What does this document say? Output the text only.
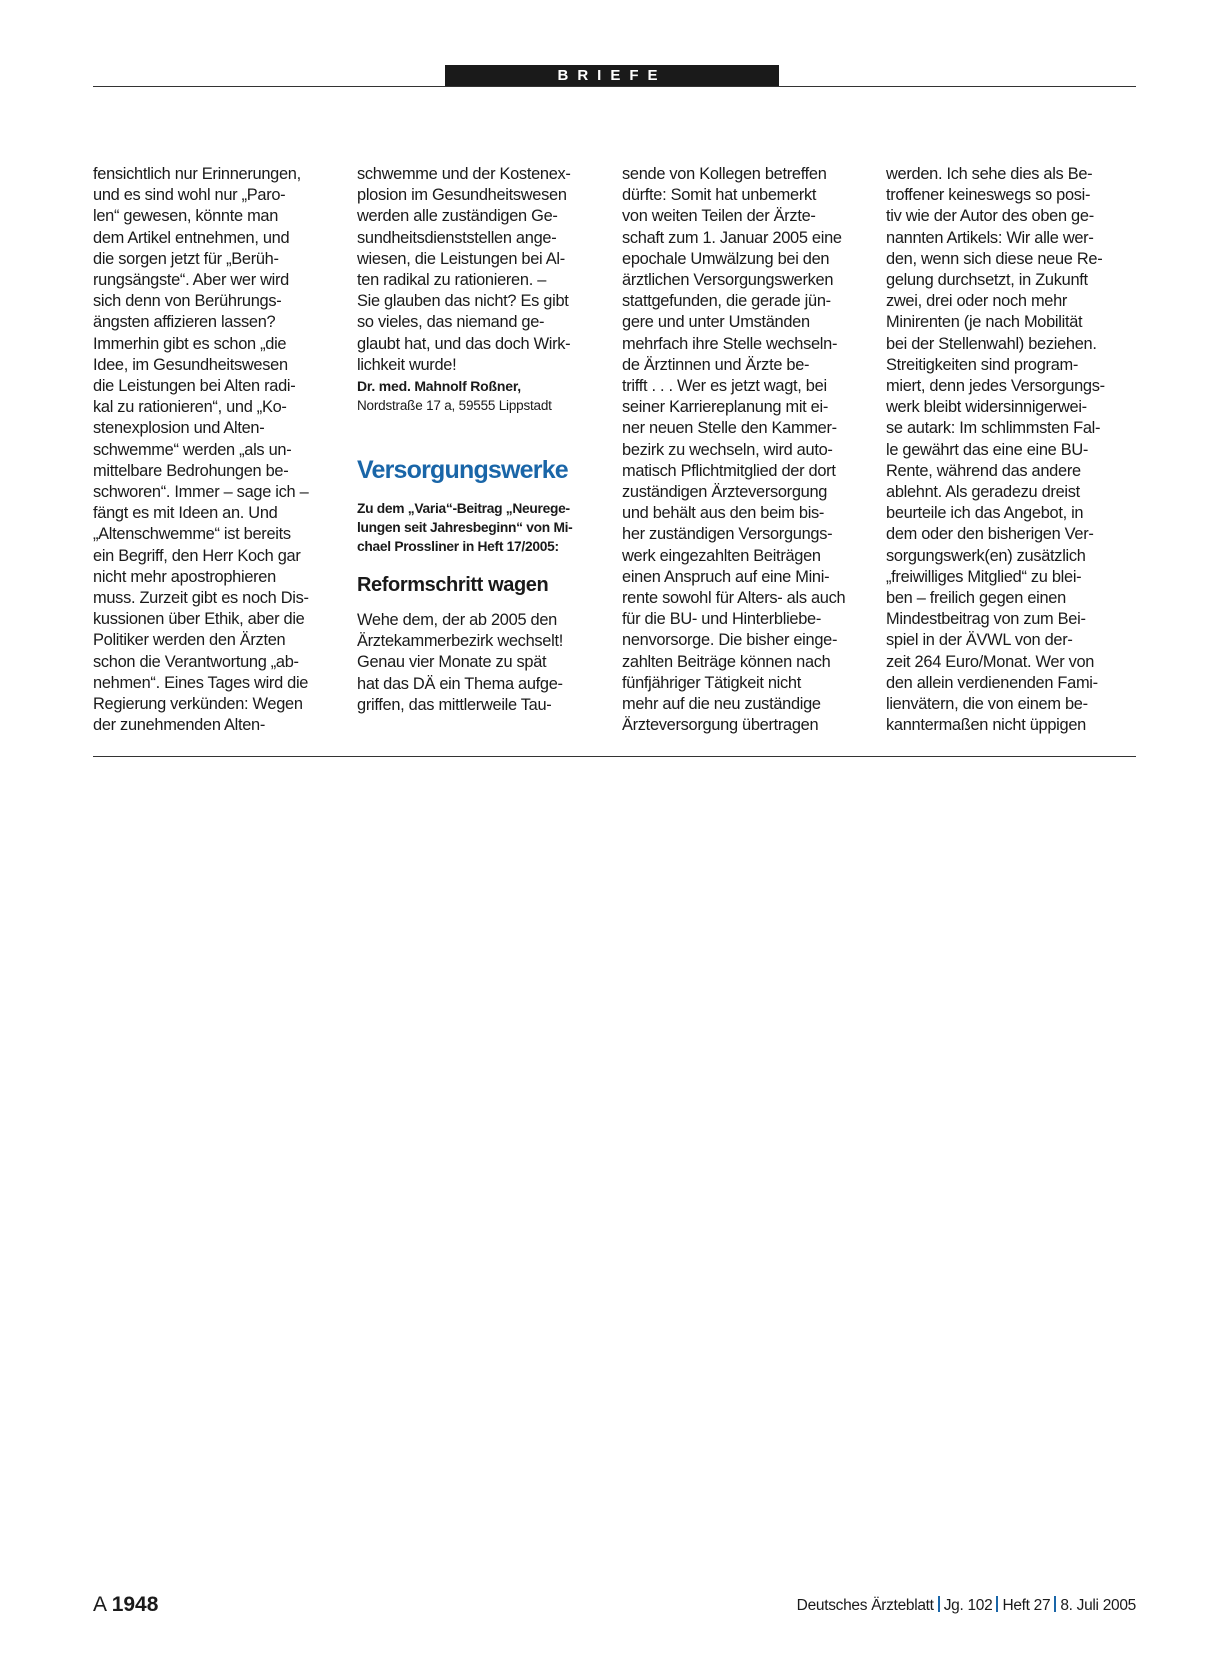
BRIEFE

fensichtlich nur Erinnerungen,
und es sind wohl nur „Paro-
len“ gewesen, könnte man
dem Artikel entnehmen, und
die sorgen jetzt für „Berüh-
rungsängste“. Aber wer wird
sich denn von Berührungs-
ängsten affizieren lassen?
Immerhin gibt es schon „die
Idee, im Gesundheitswesen
die Leistungen bei Alten radi-
kal zu rationieren“, und „Ko-
stenexplosion und Alten-
schwemme“ werden „als un-
mittelbare Bedrohungen be-
schworen“. Immer – sage ich –
fängt es mit Ideen an. Und
„Altenschwemme“ ist bereits
ein Begriff, den Herr Koch gar
nicht mehr apostrophieren
muss. Zurzeit gibt es noch Dis-
kussionen über Ethik, aber die
Politiker werden den Ärzten
schon die Verantwortung „ab-
nehmen“. Eines Tages wird die
Regierung verkünden: Wegen
der zunehmenden Alten-

schwemme und der Kostenex-
plosion im Gesundheitswesen
werden alle zuständigen Ge-
sundheitsdienststellen ange-
wiesen, die Leistungen bei Al-
ten radikal zu rationieren. –
Sie glauben das nicht? Es gibt
so vieles, das niemand ge-
glaubt hat, und das doch Wirk-
lichkeit wurde!

Dr. med. Mahnolf Roßner,
Nordstraße 17 a, 59555 Lippstadt
Versorgungswerke

Zu dem „Varia“-Beitrag „Neurege-
lungen seit Jahresbeginn“ von Mi-
chael Prossliner in Heft 17/2005:

Reformschritt wagen

Wehe dem, der ab 2005 den
Ärztekammerbezirk wechselt!
Genau vier Monate zu spät
hat das DÄ ein Thema aufge-
griffen, das mittlerweile Tau-

sende von Kollegen betreffen
dürfte: Somit hat unbemerkt
von weiten Teilen der Ärzte-
schaft zum 1. Januar 2005 eine
epochale Umwälzung bei den
ärztlichen Versorgungswerken
stattgefunden, die gerade jün-
gere und unter Umständen
mehrfach ihre Stelle wechseln-
de Ärztinnen und Ärzte be-
trifft . . . Wer es jetzt wagt, bei
seiner Karriereplanung mit ei-
ner neuen Stelle den Kammer-
bezirk zu wechseln, wird auto-
matisch Pflichtmitglied der dort
zuständigen Ärzteversorgung
und behält aus den beim bis-
her zuständigen Versorgungs-
werk eingezahlten Beiträgen
einen Anspruch auf eine Mini-
rente sowohl für Alters- als auch
für die BU- und Hinterbliebe-
nenvorsorge. Die bisher einge-
zahlten Beiträge können nach
fünfjähriger Tätigkeit nicht
mehr auf die neu zuständige
Ärzteversorgung übertragen

werden. Ich sehe dies als Be-
troffener keineswegs so posi-
tiv wie der Autor des oben ge-
nannten Artikels: Wir alle wer-
den, wenn sich diese neue Re-
gelung durchsetzt, in Zukunft
zwei, drei oder noch mehr
Minirenten (je nach Mobilität
bei der Stellenwahl) beziehen.
Streitigkeiten sind program-
miert, denn jedes Versorgungs-
werk bleibt widersinnigerwei-
se autark: Im schlimmsten Fal-
le gewährt das eine eine BU-
Rente, während das andere
ablehnt. Als geradezu dreist
beurteile ich das Angebot, in
dem oder den bisherigen Ver-
sorgungswerk(en) zusätzlich
„freiwilliges Mitglied“ zu blei-
ben – freilich gegen einen
Mindestbeitrag von zum Bei-
spiel in der ÄVWL von der-
zeit 264 Euro/Monat. Wer von
den allein verdienenden Fami-
lienvätern, die von einem be-
kanntermaßen nicht üppigen

A 1948	Deutsches Ärzteblatt Jg. 102 Heft 27 8. Juli 2005
